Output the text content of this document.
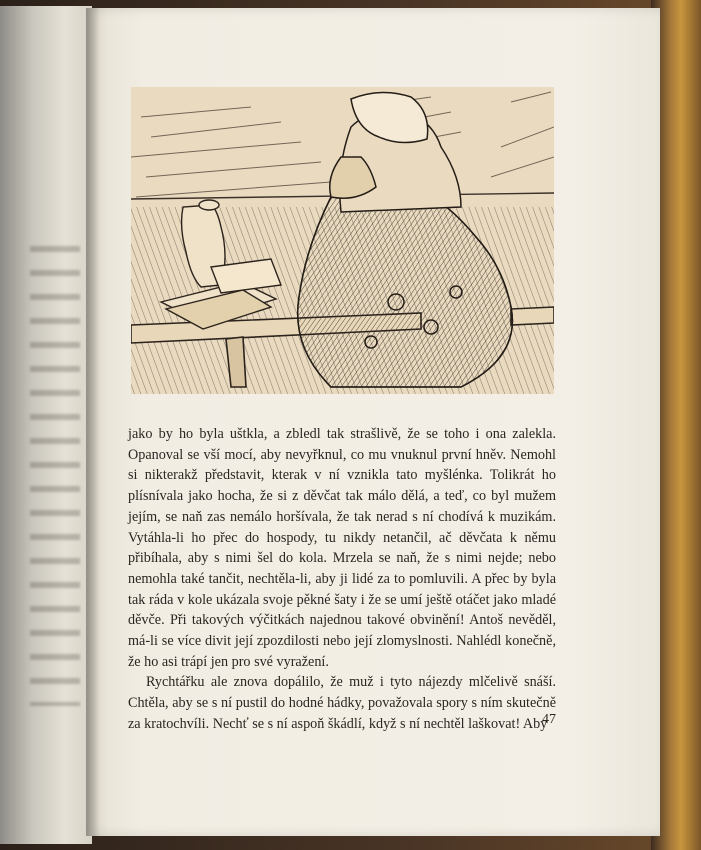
jako by ho byla uštkla, a zbledl tak strašlivě, že se toho i ona zalekla. Opanoval se vší mocí, aby nevyřknul, co mu vnuknul první hněv. Nemohl si nikterakž představit, kterak v ní vznikla tato myšlénka. Tolikrát ho plísnívala jako hocha, že si z děvčat tak málo dělá, a teď, co byl mužem jejím, se naň zas nemálo horšívala, že tak nerad s ní chodívá k muzikám. Vytáhla-li ho přec do hospody, tu nikdy netančil, ač děvčata k němu přibíhala, aby s nimi šel do kola. Mrzela se naň, že s nimi nejde; nebo nemohla také tančit, nechtěla-li, aby ji lidé za to pomluvili. A přec by byla tak ráda v kole ukázala svoje pěkné šaty i že se umí ještě otáčet jako mladé děvče. Při takových výčitkách najednou takové obvinění! Antoš nevěděl, má-li se více divit její zpozdilosti nebo její zlomyslnosti. Nahlédl konečně, že ho asi trápí jen pro své vyražení.

Rychtářku ale znova dopálilo, že muž i tyto nájezdy mlčelivě snáší. Chtěla, aby se s ní pustil do hodné hádky, považovala spory s ním skutečně za kratochvíli. Nechť se s ní aspoň škádlí, když s ní nechtěl laškovat! Aby

47
